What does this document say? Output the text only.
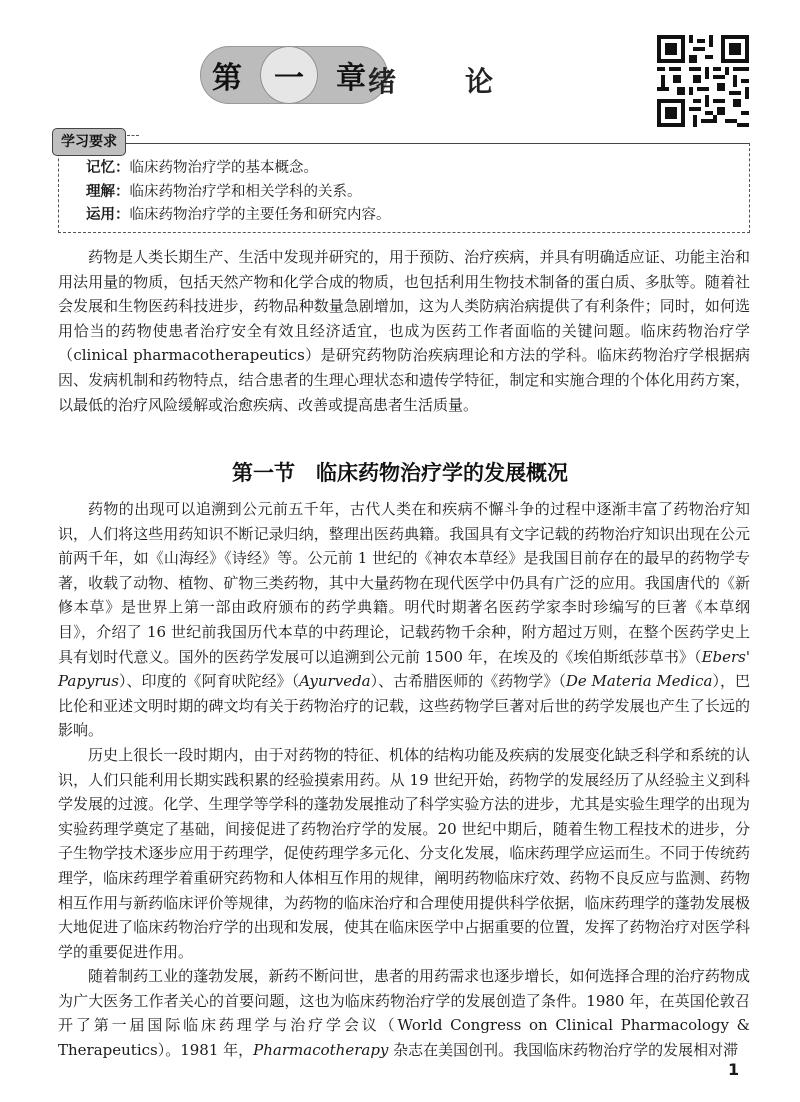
第 一 章 绪 论
学习要求
记忆：临床药物治疗学的基本概念。
理解：临床药物治疗学和相关学科的关系。
运用：临床药物治疗学的主要任务和研究内容。

药物是人类长期生产、生活中发现并研究的，用于预防、治疗疾病，并具有明确适应证、功能主治和用法用量的物质，包括天然产物和化学合成的物质，也包括利用生物技术制备的蛋白质、多肽等。随着社会发展和生物医药科技进步，药物品种数量急剧增加，这为人类防病治病提供了有利条件；同时，如何选用恰当的药物使患者治疗安全有效且经济适宜，也成为医药工作者面临的关键问题。临床药物治疗学（clinical pharmacotherapeutics）是研究药物防治疾病理论和方法的学科。临床药物治疗学根据病因、发病机制和药物特点，结合患者的生理心理状态和遗传学特征，制定和实施合理的个体化用药方案，以最低的治疗风险缓解或治愈疾病、改善或提高患者生活质量。

第一节　临床药物治疗学的发展概况

药物的出现可以追溯到公元前五千年，古代人类在和疾病不懈斗争的过程中逐渐丰富了药物治疗知识，人们将这些用药知识不断记录归纳，整理出医药典籍。我国具有文字记载的药物治疗知识出现在公元前两千年，如《山海经》《诗经》等。公元前 1 世纪的《神农本草经》是我国目前存在的最早的药物学专著，收载了动物、植物、矿物三类药物，其中大量药物在现代医学中仍具有广泛的应用。我国唐代的《新修本草》是世界上第一部由政府颁布的药学典籍。明代时期著名医药学家李时珍编写的巨著《本草纲目》，介绍了 16 世纪前我国历代本草的中药理论，记载药物千余种，附方超过万则，在整个医药学史上具有划时代意义。国外的医药学发展可以追溯到公元前 1500 年，在埃及的《埃伯斯纸莎草书》（Ebers' Papyrus）、印度的《阿育吠陀经》（Ayurveda）、古希腊医师的《药物学》（De Materia Medica），巴比伦和亚述文明时期的碑文均有关于药物治疗的记载，这些药物学巨著对后世的药学发展也产生了长远的影响。

历史上很长一段时期内，由于对药物的特征、机体的结构功能及疾病的发展变化缺乏科学和系统的认识，人们只能利用长期实践积累的经验摸索用药。从 19 世纪开始，药物学的发展经历了从经验主义到科学发展的过渡。化学、生理学等学科的蓬勃发展推动了科学实验方法的进步，尤其是实验生理学的出现为实验药理学奠定了基础，间接促进了药物治疗学的发展。20 世纪中期后，随着生物工程技术的进步，分子生物学技术逐步应用于药理学，促使药理学多元化、分支化发展，临床药理学应运而生。不同于传统药理学，临床药理学着重研究药物和人体相互作用的规律，阐明药物临床疗效、药物不良反应与监测、药物相互作用与新药临床评价等规律，为药物的临床治疗和合理使用提供科学依据，临床药理学的蓬勃发展极大地促进了临床药物治疗学的出现和发展，使其在临床医学中占据重要的位置，发挥了药物治疗对医学科学的重要促进作用。

随着制药工业的蓬勃发展，新药不断问世，患者的用药需求也逐步增长，如何选择合理的治疗药物成为广大医务工作者关心的首要问题，这也为临床药物治疗学的发展创造了条件。1980 年，在英国伦敦召开了第一届国际临床药理学与治疗学会议（World Congress on Clinical Pharmacology & Therapeutics）。1981 年，Pharmacotherapy 杂志在美国创刊。我国临床药物治疗学的发展相对滞

1
